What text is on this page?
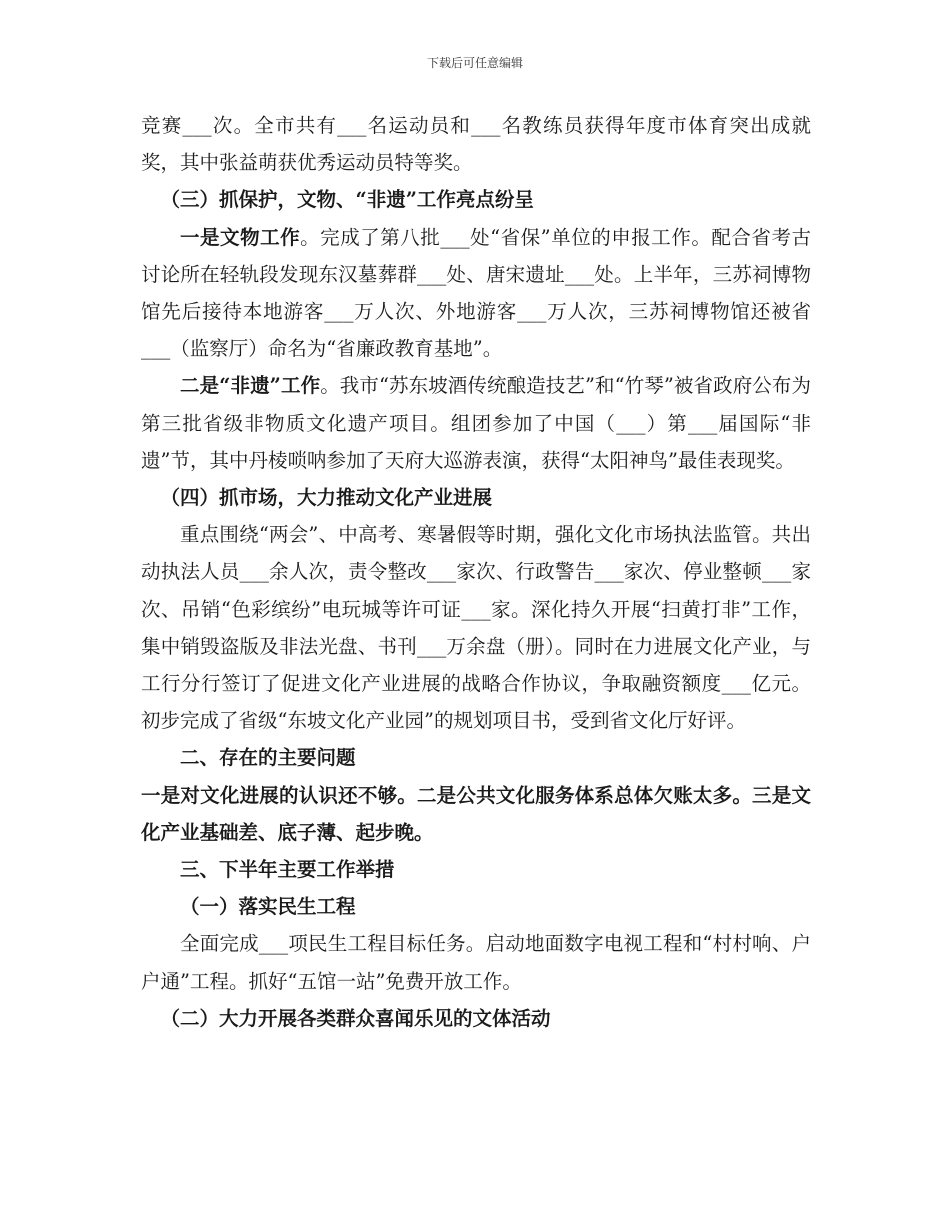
下载后可任意编辑

竞赛___次。全市共有___名运动员和___名教练员获得年度市体育突出成就奖，其中张益萌获优秀运动员特等奖。

（三）抓保护，文物、“非遗”工作亮点纷呈

一是文物工作。完成了第八批___处“省保”单位的申报工作。配合省考古讨论所在轻轨段发现东汉墓葬群___处、唐宋遗址___处。上半年，三苏祠博物馆先后接待本地游客___万人次、外地游客___万人次，三苏祠博物馆还被省___（监察厅）命名为“省廉政教育基地”。

二是“非遗”工作。我市“苏东坡酒传统酿造技艺”和“竹琴”被省政府公布为第三批省级非物质文化遗产项目。组团参加了中国（___）第___届国际“非遗”节，其中丹棱唢呐参加了天府大巡游表演，获得“太阳神鸟”最佳表现奖。

（四）抓市场，大力推动文化产业进展

重点围绕“两会”、中高考、寒暑假等时期，强化文化市场执法监管。共出动执法人员___余人次，责令整改___家次、行政警告___家次、停业整顿___家次、吊销“色彩缤纷”电玩城等许可证___家。深化持久开展“扫黄打非”工作，集中销毁盗版及非法光盘、书刊___万余盘（册）。同时在力进展文化产业，与工行分行签订了促进文化产业进展的战略合作协议，争取融资额度___亿元。初步完成了省级“东坡文化产业园”的规划项目书，受到省文化厅好评。

二、存在的主要问题

一是对文化进展的认识还不够。二是公共文化服务体系总体欠账太多。三是文化产业基础差、底子薄、起步晚。

三、下半年主要工作举措

（一）落实民生工程

全面完成___项民生工程目标任务。启动地面数字电视工程和“村村响、户户通”工程。抓好“五馆一站”免费开放工作。

（二）大力开展各类群众喜闻乐见的文体活动
